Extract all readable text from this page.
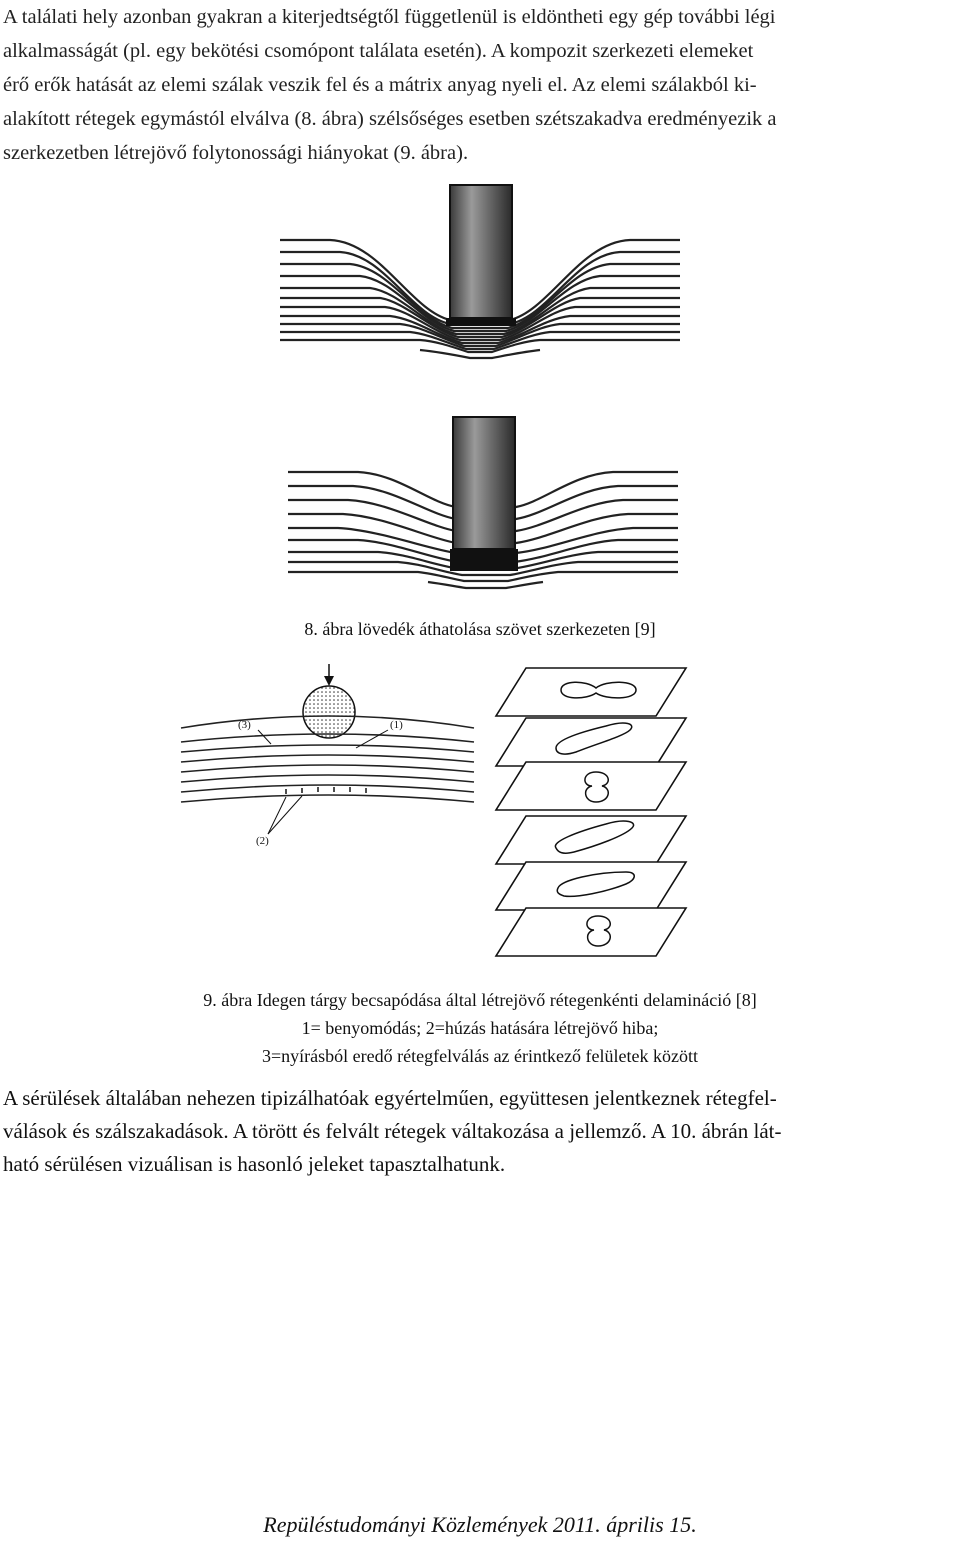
A találati hely azonban gyakran a kiterjedtségtől függetlenül is eldöntheti egy gép további légi
alkalmasságát (pl. egy bekötési csomópont találata esetén). A kompozit szerkezeti elemeket
érő erők hatását az elemi szálak veszik fel és a mátrix anyag nyeli el. Az elemi szálakból ki-
alakított rétegek egymástól elválva (8. ábra) szélsőséges esetben szétszakadva eredményezik a
szerkezetben létrejövő folytonossági hiányokat (9. ábra).

8. ábra lövedék áthatolása szövet szerkezeten [9]

(3)	(1)
(2)
9. ábra Idegen tárgy becsapódása által létrejövő rétegenkénti delamináció [8]
1= benyomódás; 2=húzás hatására létrejövő hiba;
3=nyírásból eredő rétegfelválás az érintkező felületek között
A sérülések általában nehezen tipizálhatóak egyértelműen, együttesen jelentkeznek rétegfel-
válások és szálszakadások. A törött és felvált rétegek váltakozása a jellemző. A 10. ábrán lát-
ható sérülésen vizuálisan is hasonló jeleket tapasztalhatunk.
Repüléstudományi Közlemények 2011. április 15.
